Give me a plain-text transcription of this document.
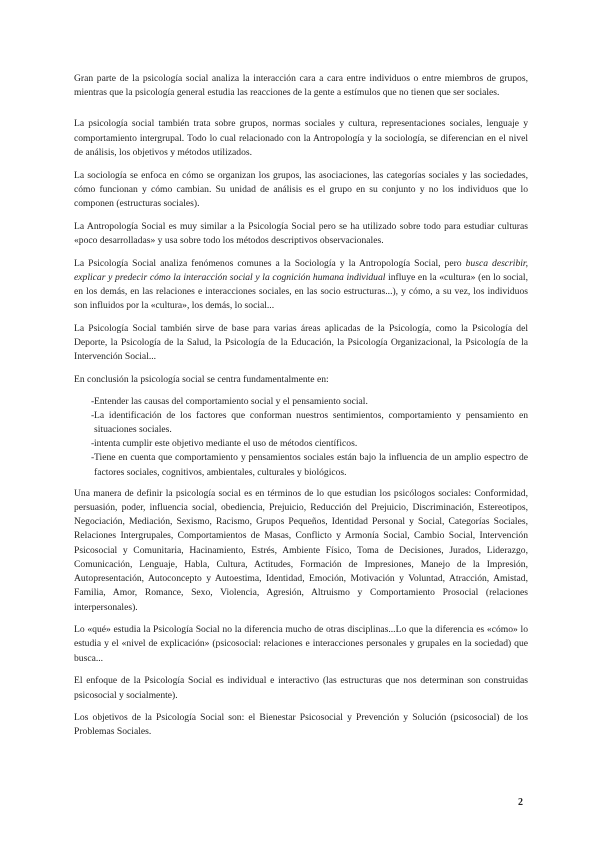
Gran parte de la psicología social analiza la interacción cara a cara entre individuos o entre miembros de grupos, mientras que la psicología general estudia las reacciones de la gente a estímulos que no tienen que ser sociales.

La psicología social también trata sobre grupos, normas sociales y cultura, representaciones sociales, lenguaje y comportamiento intergrupal. Todo lo cual relacionado con la Antropología y la sociología, se diferencian en el nivel de análisis, los objetivos y métodos utilizados.

La sociología se enfoca en cómo se organizan los grupos, las asociaciones, las categorías sociales y las sociedades, cómo funcionan y cómo cambian. Su unidad de análisis es el grupo en su conjunto y no los individuos que lo componen (estructuras sociales).

La Antropología Social es muy similar a la Psicología Social pero se ha utilizado sobre todo para estudiar culturas «poco desarrolladas» y usa sobre todo los métodos descriptivos observacionales.

La Psicología Social analiza fenómenos comunes a la Sociología y la Antropología Social, pero busca describir, explicar y predecir cómo la interacción social y la cognición humana individual influye en la «cultura» (en lo social, en los demás, en las relaciones e interacciones sociales, en las socio estructuras...), y cómo, a su vez, los individuos son influidos por la «cultura», los demás, lo social...

La Psicología Social también sirve de base para varias áreas aplicadas de la Psicología, como la Psicología del Deporte, la Psicología de la Salud, la Psicología de la Educación, la Psicología Organizacional, la Psicología de la Intervención Social...

En conclusión la psicología social se centra fundamentalmente en:

- Entender las causas del comportamiento social y el pensamiento social.
- La identificación de los factores que conforman nuestros sentimientos, comportamiento y pensamiento en situaciones sociales.
- intenta cumplir este objetivo mediante el uso de métodos científicos.
- Tiene en cuenta que comportamiento y pensamientos sociales están bajo la influencia de un amplio espectro de factores sociales, cognitivos, ambientales, culturales y biológicos.

Una manera de definir la psicología social es en términos de lo que estudian los psicólogos sociales: Conformidad, persuasión, poder, influencia social, obediencia, Prejuicio, Reducción del Prejuicio, Discriminación, Estereotipos, Negociación, Mediación, Sexismo, Racismo, Grupos Pequeños, Identidad Personal y Social, Categorías Sociales, Relaciones Intergrupales, Comportamientos de Masas, Conflicto y Armonía Social, Cambio Social, Intervención Psicosocial y Comunitaria, Hacinamiento, Estrés, Ambiente Físico, Toma de Decisiones, Jurados, Liderazgo, Comunicación, Lenguaje, Habla, Cultura, Actitudes, Formación de Impresiones, Manejo de la Impresión, Autopresentación, Autoconcepto y Autoestima, Identidad, Emoción, Motivación y Voluntad, Atracción, Amistad, Familia, Amor, Romance, Sexo, Violencia, Agresión, Altruismo y Comportamiento Prosocial (relaciones interpersonales).

Lo «qué» estudia la Psicología Social no la diferencia mucho de otras disciplinas...Lo que la diferencia es «cómo» lo estudia y el «nivel de explicación» (psicosocial: relaciones e interacciones personales y grupales en la sociedad) que busca...

El enfoque de la Psicología Social es individual e interactivo (las estructuras que nos determinan son construidas psicosocial y socialmente).

Los objetivos de la Psicología Social son: el Bienestar Psicosocial y Prevención y Solución (psicosocial) de los Problemas Sociales.

2
